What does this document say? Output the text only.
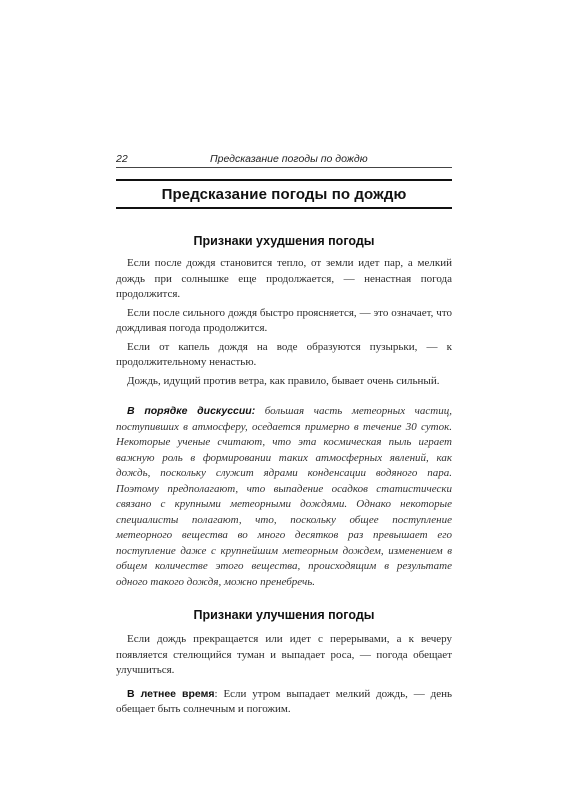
22	Предсказание погоды по дождю
Предсказание погоды по дождю
Признаки ухудшения погоды

Если после дождя становится тепло, от земли идет пар, а мелкий дождь при солнышке еще продолжается, — ненастная погода продолжится.

Если после сильного дождя быстро проясняется, — это означает, что дождливая погода продолжится.

Если от капель дождя на воде образуются пузырьки, — к продолжительному ненастью.

Дождь, идущий против ветра, как правило, бывает очень сильный.

В порядке дискуссии: большая часть метеорных частиц, поступивших в атмосферу, оседается примерно в течение 30 суток. Некоторые ученые считают, что эта космическая пыль играет важную роль в формировании таких атмосферных явлений, как дождь, поскольку служит ядрами конденсации водяного пара. Поэтому предполагают, что выпадение осадков статистически связано с крупными метеорными дождями. Однако некоторые специалисты полагают, что, поскольку общее поступление метеорного вещества во много десятков раз превышает его поступление даже с крупнейшим метеорным дождем, изменением в общем количестве этого вещества, происходящим в результате одного такого дождя, можно пренебречь.

Признаки улучшения погоды

Если дождь прекращается или идет с перерывами, а к вечеру появляется стелющийся туман и выпадает роса, — погода обещает улучшиться.

В летнее время: Если утром выпадает мелкий дождь, — день обещает быть солнечным и погожим.
